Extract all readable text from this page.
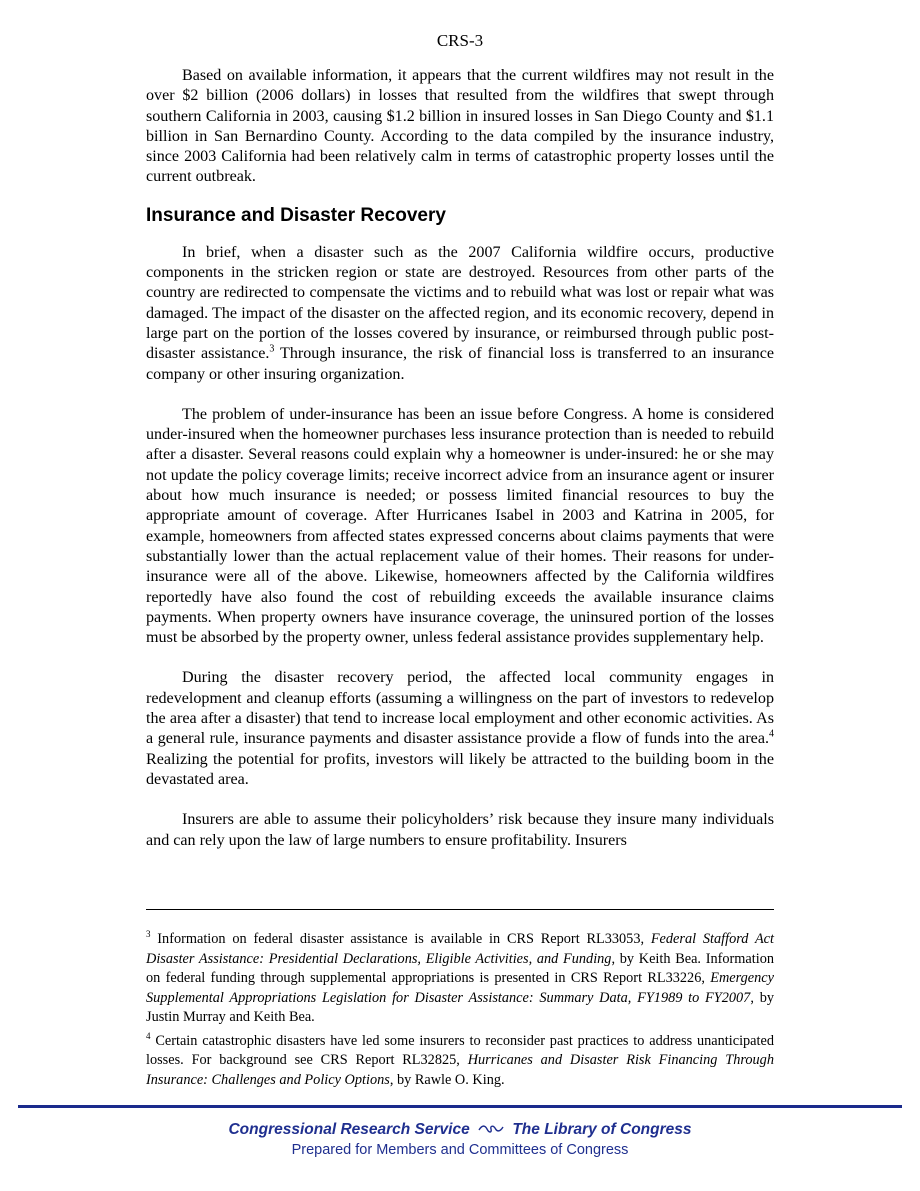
CRS-3

Based on available information, it appears that the current wildfires may not result in the over $2 billion (2006 dollars) in losses that resulted from the wildfires that swept through southern California in 2003, causing $1.2 billion in insured losses in San Diego County and $1.1 billion in San Bernardino County. According to the data compiled by the insurance industry, since 2003 California had been relatively calm in terms of catastrophic property losses until the current outbreak.

Insurance and Disaster Recovery

In brief, when a disaster such as the 2007 California wildfire occurs, productive components in the stricken region or state are destroyed. Resources from other parts of the country are redirected to compensate the victims and to rebuild what was lost or repair what was damaged. The impact of the disaster on the affected region, and its economic recovery, depend in large part on the portion of the losses covered by insurance, or reimbursed through public post-disaster assistance.$^3$ Through insurance, the risk of financial loss is transferred to an insurance company or other insuring organization.

The problem of under-insurance has been an issue before Congress. A home is considered under-insured when the homeowner purchases less insurance protection than is needed to rebuild after a disaster. Several reasons could explain why a homeowner is under-insured: he or she may not update the policy coverage limits; receive incorrect advice from an insurance agent or insurer about how much insurance is needed; or possess limited financial resources to buy the appropriate amount of coverage. After Hurricanes Isabel in 2003 and Katrina in 2005, for example, homeowners from affected states expressed concerns about claims payments that were substantially lower than the actual replacement value of their homes. Their reasons for under-insurance were all of the above. Likewise, homeowners affected by the California wildfires reportedly have also found the cost of rebuilding exceeds the available insurance claims payments. When property owners have insurance coverage, the uninsured portion of the losses must be absorbed by the property owner, unless federal assistance provides supplementary help.

During the disaster recovery period, the affected local community engages in redevelopment and cleanup efforts (assuming a willingness on the part of investors to redevelop the area after a disaster) that tend to increase local employment and other economic activities. As a general rule, insurance payments and disaster assistance provide a flow of funds into the area.$^4$ Realizing the potential for profits, investors will likely be attracted to the building boom in the devastated area.

Insurers are able to assume their policyholders’ risk because they insure many individuals and can rely upon the law of large numbers to ensure profitability. Insurers

$^3$ Information on federal disaster assistance is available in CRS Report RL33053, Federal Stafford Act Disaster Assistance: Presidential Declarations, Eligible Activities, and Funding, by Keith Bea. Information on federal funding through supplemental appropriations is presented in CRS Report RL33226, Emergency Supplemental Appropriations Legislation for Disaster Assistance: Summary Data, FY1989 to FY2007, by Justin Murray and Keith Bea.

$^4$ Certain catastrophic disasters have led some insurers to reconsider past practices to address unanticipated losses. For background see CRS Report RL32825, Hurricanes and Disaster Risk Financing Through Insurance: Challenges and Policy Options, by Rawle O. King.

Congressional Research Service	The Library of Congress
Prepared for Members and Committees of Congress
